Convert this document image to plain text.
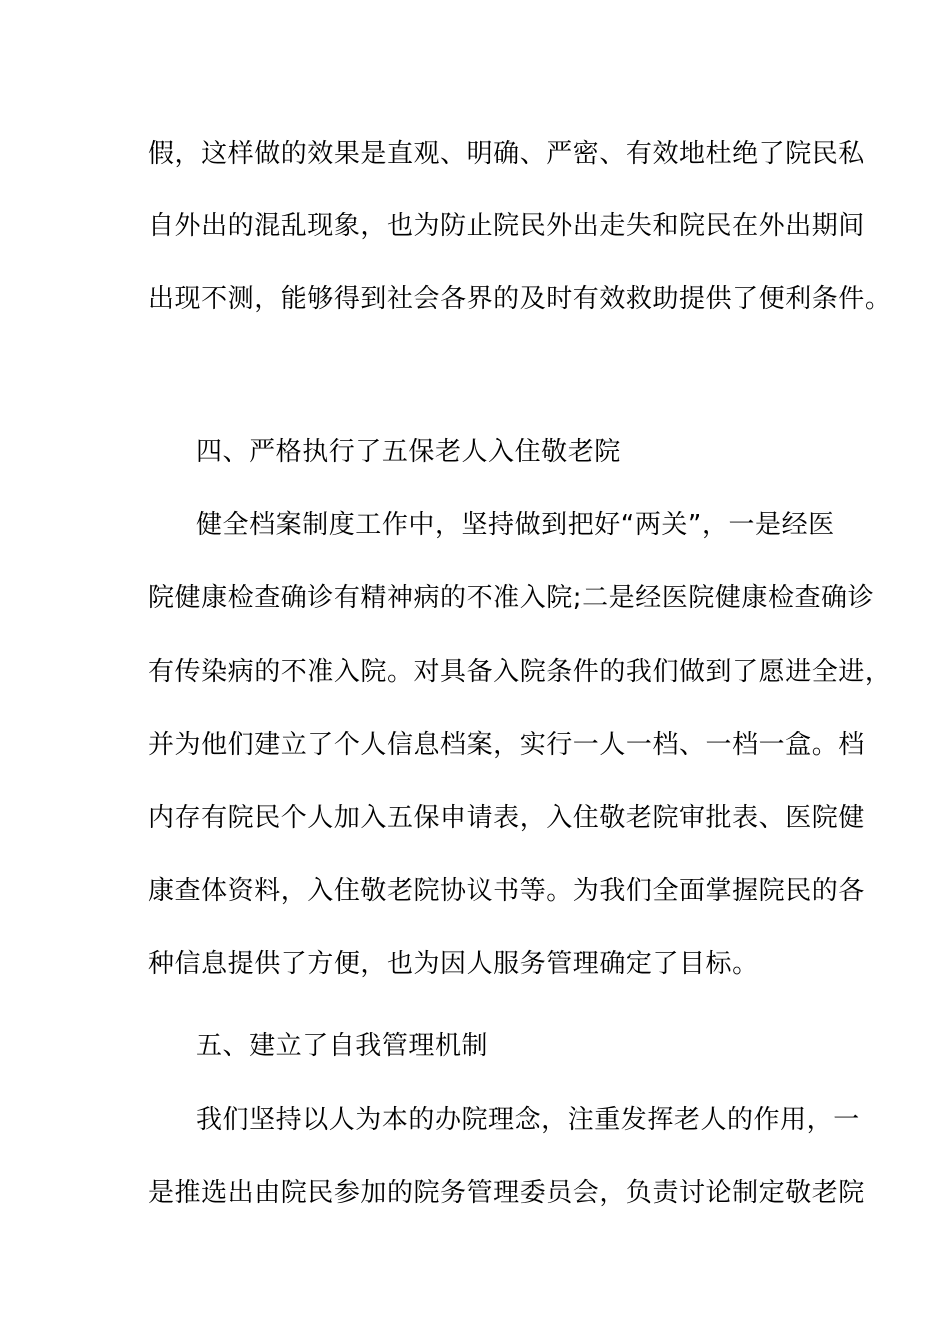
假，这样做的效果是直观、明确、严密、有效地杜绝了院民私
自外出的混乱现象，也为防止院民外出走失和院民在外出期间
出现不测，能够得到社会各界的及时有效救助提供了便利条件。
四、严格执行了五保老人入住敬老院
健全档案制度工作中，坚持做到把好“两关”，一是经医
院健康检查确诊有精神病的不准入院;二是经医院健康检查确诊
有传染病的不准入院。对具备入院条件的我们做到了愿进全进，
并为他们建立了个人信息档案，实行一人一档、一档一盒。档
内存有院民个人加入五保申请表，入住敬老院审批表、医院健
康查体资料，入住敬老院协议书等。为我们全面掌握院民的各
种信息提供了方便，也为因人服务管理确定了目标。
五、建立了自我管理机制
我们坚持以人为本的办院理念，注重发挥老人的作用，一
是推选出由院民参加的院务管理委员会，负责讨论制定敬老院
